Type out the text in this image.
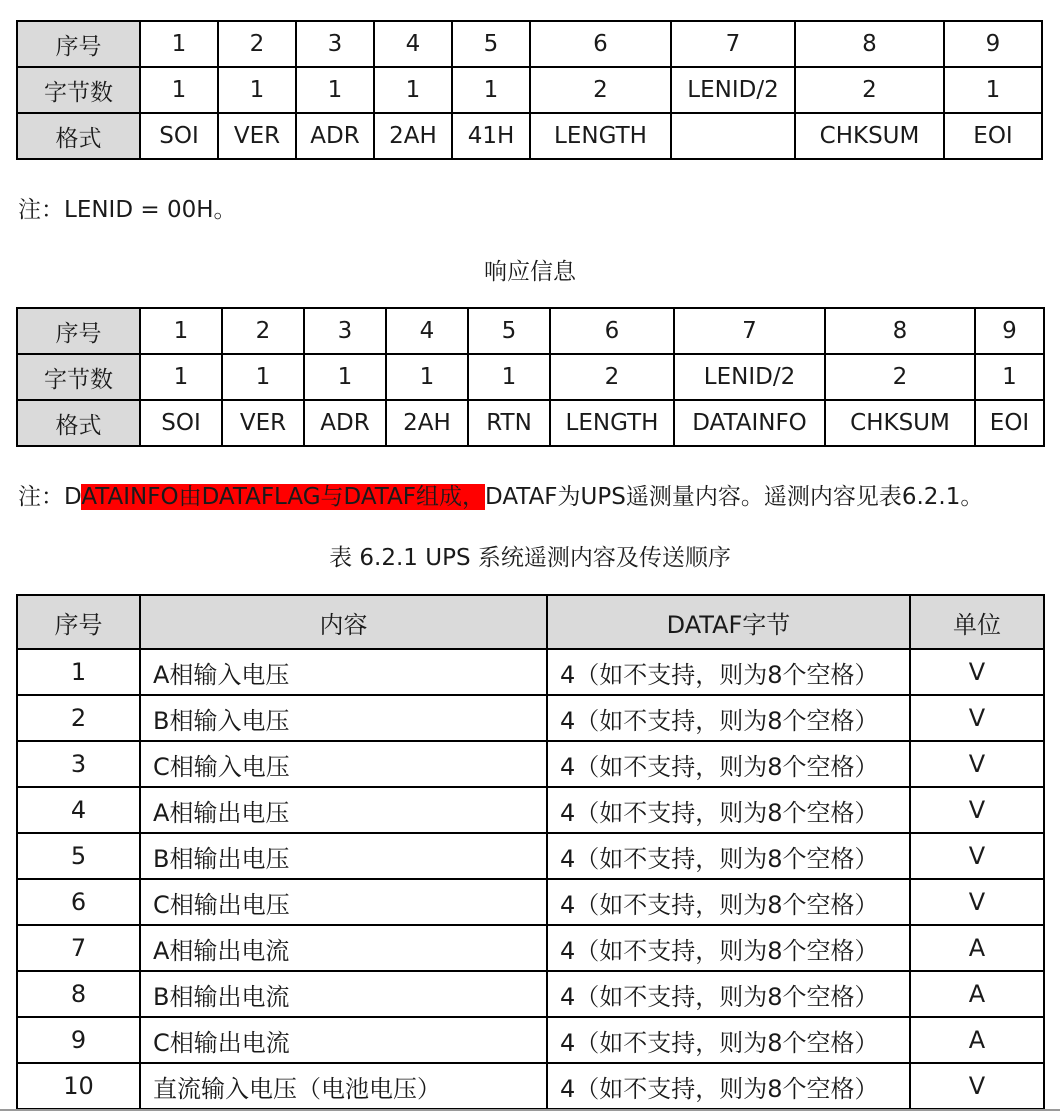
序号	1	2	3	4	5	6	7	8	9
字节数	1	1	1	1	1	2	LENID/2	2	1
格式	SOI	VER	ADR	2AH	41H	LENGTH		CHKSUM	EOI
注：LENID = 00H。
响应信息
序号	1	2	3	4	5	6	7	8	9
字节数	1	1	1	1	1	2	LENID/2	2	1
格式	SOI	VER	ADR	2AH	RTN	LENGTH	DATAINFO	CHKSUM	EOI
注：DATAINFO由DATAFLAG与DATAF组成，DATAF为UPS遥测量内容。遥测内容见表6.2.1。
表 6.2.1 UPS 系统遥测内容及传送顺序
序号	内容	DATAF字节	单位
1	A相输入电压	4（如不支持，则为8个空格）	V
2	B相输入电压	4（如不支持，则为8个空格）	V
3	C相输入电压	4（如不支持，则为8个空格）	V
4	A相输出电压	4（如不支持，则为8个空格）	V
5	B相输出电压	4（如不支持，则为8个空格）	V
6	C相输出电压	4（如不支持，则为8个空格）	V
7	A相输出电流	4（如不支持，则为8个空格）	A
8	B相输出电流	4（如不支持，则为8个空格）	A
9	C相输出电流	4（如不支持，则为8个空格）	A
10	直流输入电压（电池电压）	4（如不支持，则为8个空格）	V
